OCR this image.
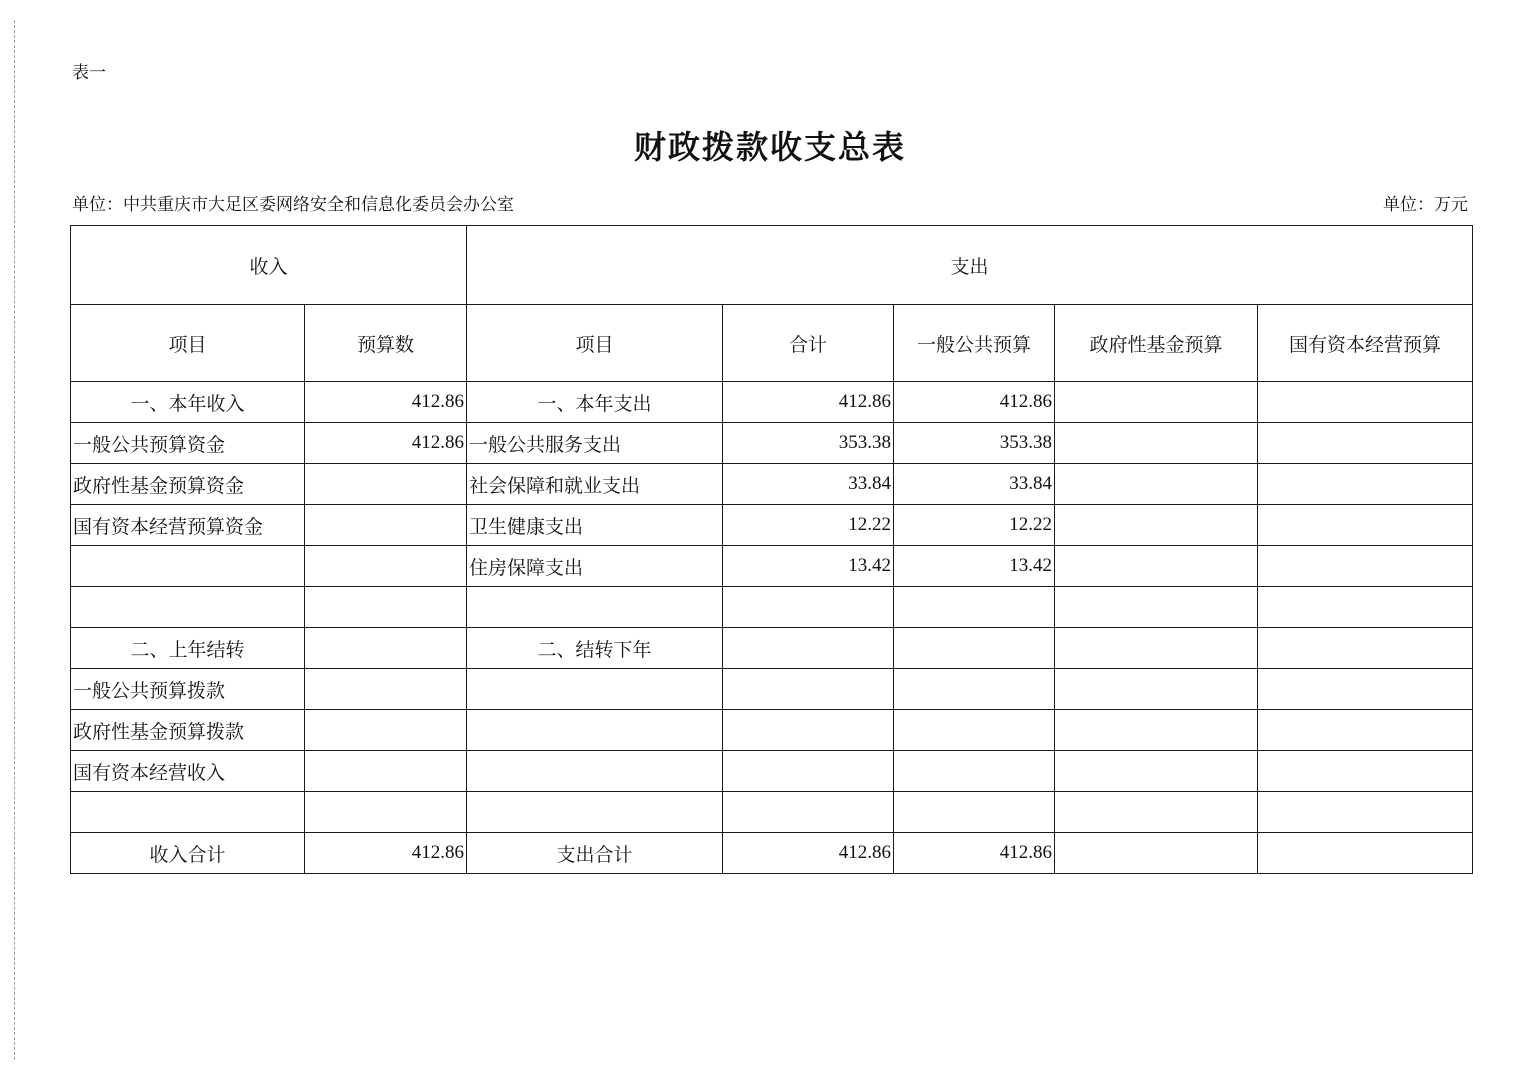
表一
财政拨款收支总表
单位：中共重庆市大足区委网络安全和信息化委员会办公室	单位：万元
收入		支出				
项目	预算数	项目	合计	一般公共预算	政府性基金预算	国有资本经营预算
一、本年收入	412.86	一、本年支出	412.86	412.86		
一般公共预算资金	412.86	一般公共服务支出	353.38	353.38		
政府性基金预算资金		社会保障和就业支出	33.84	33.84		
国有资本经营预算资金		卫生健康支出	12.22	12.22		
		住房保障支出	13.42	13.42		

二、上年结转		二、结转下年				
一般公共预算拨款						
政府性基金预算拨款						
国有资本经营收入						

收入合计	412.86	支出合计	412.86	412.86		
